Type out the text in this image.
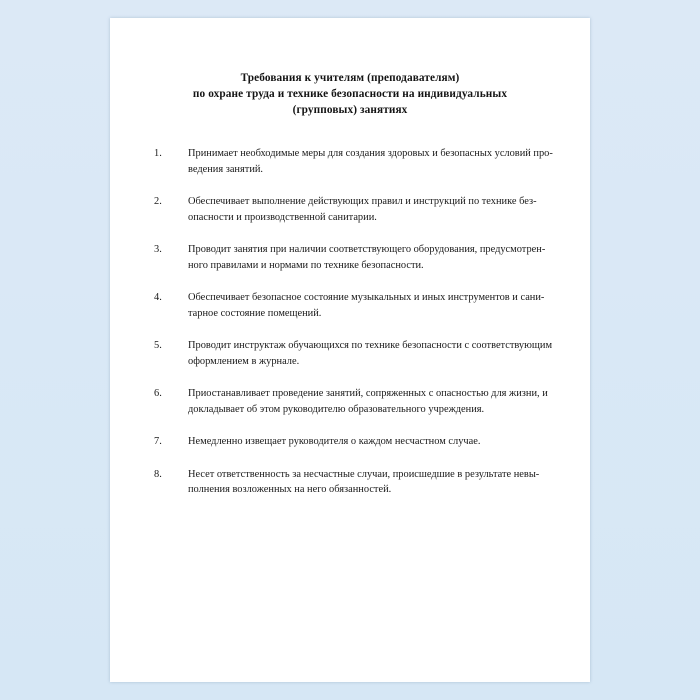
Требования к учителям (преподавателям)
по охране труда и технике безопасности на индивидуальных
(групповых) занятиях
1.	Принимает необходимые меры для создания здоровых и безопасных условий про-
ведения занятий.
2.	Обеспечивает выполнение действующих правил и инструкций по технике без-
опасности и производственной санитарии.
3.	Проводит занятия при наличии соответствующего оборудования, предусмотрен-
ного правилами и нормами по технике безопасности.
4.	Обеспечивает безопасное состояние музыкальных и иных инструментов и сани-
тарное состояние помещений.
5.	Проводит инструктаж обучающихся по технике безопасности с соответствующим
оформлением в журнале.
6.	Приостанавливает проведение занятий, сопряженных с опасностью для жизни, и
докладывает об этом руководителю образовательного учреждения.
7.	Немедленно извещает руководителя о каждом несчастном случае.
8.	Несет ответственность за несчастные случаи, происшедшие в результате невы-
полнения возложенных на него обязанностей.
